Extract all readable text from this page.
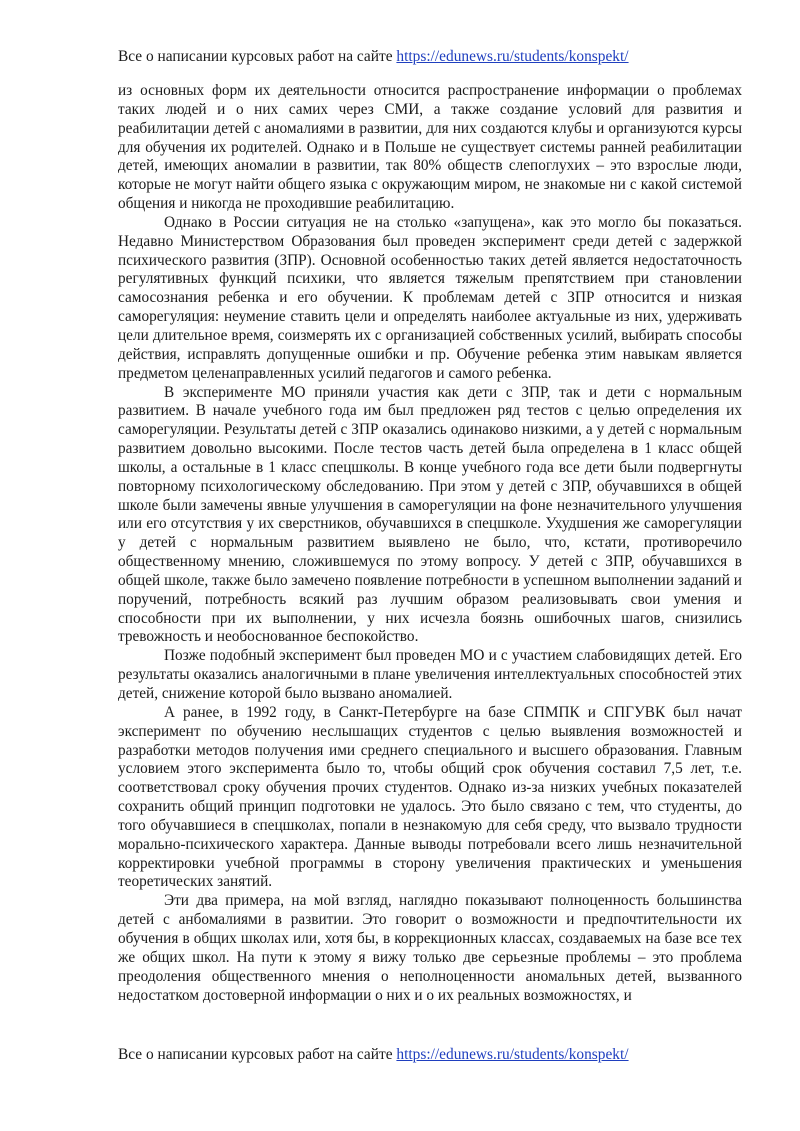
Все о написании курсовых работ на сайте https://edunews.ru/students/konspekt/

из основных форм их деятельности относится распространение информации о проблемах таких людей и о них самих через СМИ, а также создание условий для развития и реабилитации детей с аномалиями в развитии, для них создаются клубы и организуются курсы для обучения их родителей. Однако и в Польше не существует системы ранней реабилитации детей, имеющих аномалии в развитии, так 80% обществ слепоглухих – это взрослые люди, которые не могут найти общего языка с окружающим миром, не знакомые ни с какой системой общения и никогда не проходившие реабилитацию.

Однако в России ситуация не на столько «запущена», как это могло бы показаться. Недавно Министерством Образования был проведен эксперимент среди детей с задержкой психического развития (ЗПР). Основной особенностью таких детей является недостаточность регулятивных функций психики, что является тяжелым препятствием при становлении самосознания ребенка и его обучении. К проблемам детей с ЗПР относится и низкая саморегуляция: неумение ставить цели и определять наиболее актуальные из них, удерживать цели длительное время, соизмерять их с организацией собственных усилий, выбирать способы действия, исправлять допущенные ошибки и пр. Обучение ребенка этим навыкам является предметом целенаправленных усилий педагогов и самого ребенка.

В эксперименте МО приняли участия как дети с ЗПР, так и дети с нормальным развитием. В начале учебного года им был предложен ряд тестов с целью определения их саморегуляции. Результаты детей с ЗПР оказались одинаково низкими, а у детей с нормальным развитием довольно высокими. После тестов часть детей была определена в 1 класс общей школы, а остальные в 1 класс спецшколы. В конце учебного года все дети были подвергнуты повторному психологическому обследованию. При этом у детей с ЗПР, обучавшихся в общей школе были замечены явные улучшения в саморегуляции на фоне незначительного улучшения или его отсутствия у их сверстников, обучавшихся в спецшколе. Ухудшения же саморегуляции у детей с нормальным развитием выявлено не было, что, кстати, противоречило общественному мнению, сложившемуся по этому вопросу. У детей с ЗПР, обучавшихся в общей школе, также было замечено появление потребности в успешном выполнении заданий и поручений, потребность всякий раз лучшим образом реализовывать свои умения и способности при их выполнении, у них исчезла боязнь ошибочных шагов, снизились тревожность и необоснованное беспокойство.

Позже подобный эксперимент был проведен МО и с участием слабовидящих детей. Его результаты оказались аналогичными в плане увеличения интеллектуальных способностей этих детей, снижение которой было вызвано аномалией.

А ранее, в 1992 году, в Санкт-Петербурге на базе СПМПК и СПГУВК был начат эксперимент по обучению неслышащих студентов с целью выявления возможностей и разработки методов получения ими среднего специального и высшего образования. Главным условием этого эксперимента было то, чтобы общий срок обучения составил 7,5 лет, т.е. соответствовал сроку обучения прочих студентов. Однако из-за низких учебных показателей сохранить общий принцип подготовки не удалось. Это было связано с тем, что студенты, до того обучавшиеся в спецшколах, попали в незнакомую для себя среду, что вызвало трудности морально-психического характера. Данные выводы потребовали всего лишь незначительной корректировки учебной программы в сторону увеличения практических и уменьшения теоретических занятий.

Эти два примера, на мой взгляд, наглядно показывают полноценность большинства детей с анбомалиями в развитии. Это говорит о возможности и предпочтительности их обучения в общих школах или, хотя бы, в коррекционных классах, создаваемых на базе все тех же общих школ. На пути к этому я вижу только две серьезные проблемы – это проблема преодоления общественного мнения о неполноценности аномальных детей, вызванного недостатком достоверной информации о них и о их реальных возможностях, и

Все о написании курсовых работ на сайте https://edunews.ru/students/konspekt/
